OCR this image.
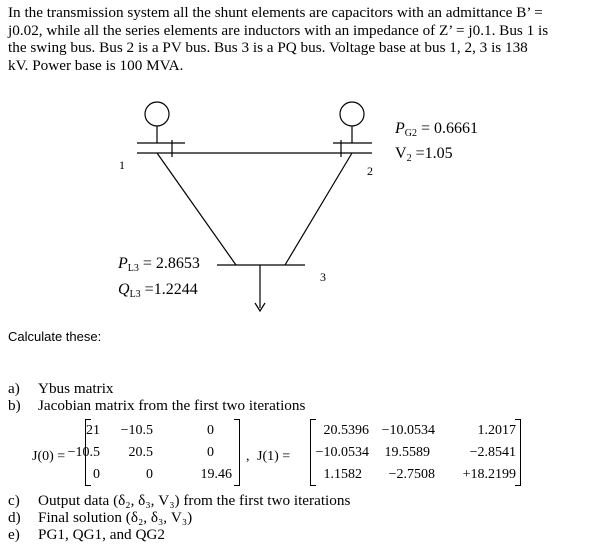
In the transmission system all the shunt elements are capacitors with an admittance B’ =
j0.02, while all the series elements are inductors with an impedance of Z’ = j0.1. Bus 1 is
the swing bus. Bus 2 is a PV bus. Bus 3 is a PQ bus. Voltage base at bus 1, 2, 3 is 138
kV. Power base is 100 MVA.
1	2
3
PG2 = 0.6661
V2 =1.05
PL3 = 2.8653
QL3 =1.2244
Calculate these:
a) Ybus matrix
b) Jacobian matrix from the first two iterations
J(0) =
21 −10.5	0
−10.5 20.5	0
0	0	19.46
, J(1) =
20.5396 −10.0534	1.2017
−10.0534 19.5589	−2.8541
1.1582 −2.7508 +18.2199
c) Output data (δ₂, δ₃, V₃) from the first two iterations
d) Final solution (δ₂, δ₃, V₃)
e) PG1, QG1, and QG2
